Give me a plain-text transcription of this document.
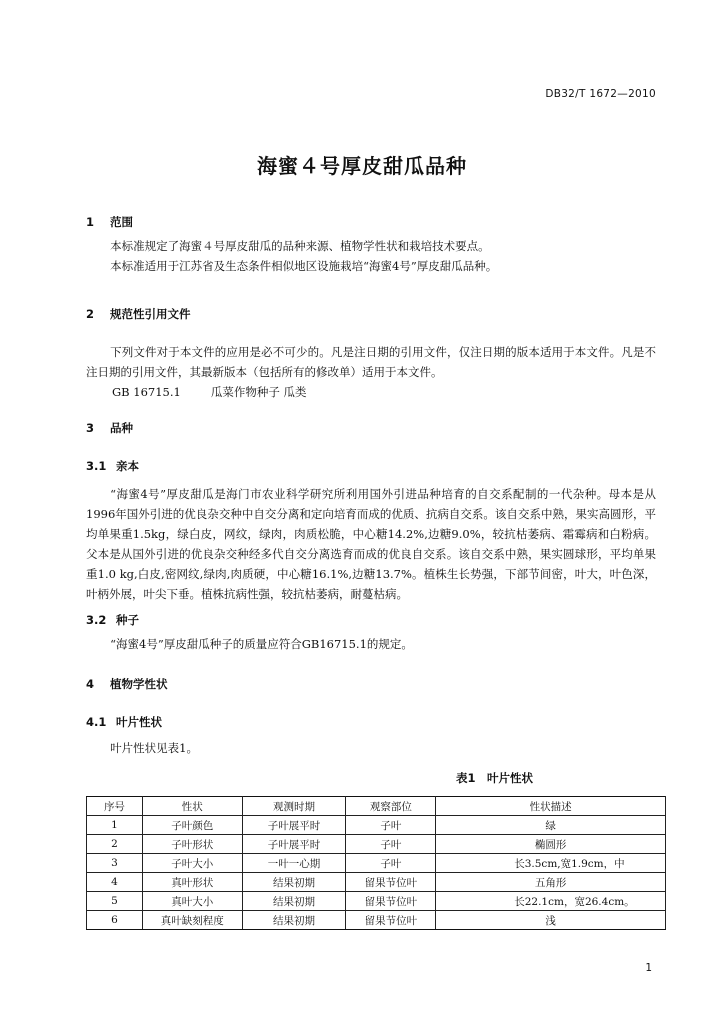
DB32/T 1672—2010
海蜜４号厚皮甜瓜品种
1 范围
本标准规定了海蜜４号厚皮甜瓜的品种来源、植物学性状和栽培技术要点。
本标准适用于江苏省及生态条件相似地区设施栽培“海蜜4号”厚皮甜瓜品种。
2 规范性引用文件
下列文件对于本文件的应用是必不可少的。凡是注日期的引用文件，仅注日期的版本适用于本文件。凡是不注日期的引用文件，其最新版本（包括所有的修改单）适用于本文件。
GB 16715.1	瓜菜作物种子 瓜类
3 品种
3.1 亲本
“海蜜4号”厚皮甜瓜是海门市农业科学研究所利用国外引进品种培育的自交系配制的一代杂种。母本是从1996年国外引进的优良杂交种中自交分离和定向培育而成的优质、抗病自交系。该自交系中熟，果实高圆形，平均单果重1.5kg，绿白皮，网纹，绿肉，肉质松脆，中心糖14.2%,边糖9.0%，较抗枯萎病、霜霉病和白粉病。父本是从国外引进的优良杂交种经多代自交分离选育而成的优良自交系。该自交系中熟，果实圆球形，平均单果重1.0 kg,白皮,密网纹,绿肉,肉质硬，中心糖16.1%,边糖13.7%。植株生长势强，下部节间密，叶大，叶色深，叶柄外展，叶尖下垂。植株抗病性强，较抗枯萎病，耐蔓枯病。
3.2 种子
“海蜜4号”厚皮甜瓜种子的质量应符合GB16715.1的规定。
4 植物学性状
4.1 叶片性状
叶片性状见表1。
表1　叶片性状
序号	性状	观测时期	观察部位	性状描述
1	子叶颜色	子叶展平时	子叶	绿
2	子叶形状	子叶展平时	子叶	椭圆形
3	子叶大小	一叶一心期	子叶	长3.5cm,宽1.9cm，中
4	真叶形状	结果初期	留果节位叶	五角形
5	真叶大小	结果初期	留果节位叶	长22.1cm，宽26.4cm。
6	真叶缺刻程度	结果初期	留果节位叶	浅
1
